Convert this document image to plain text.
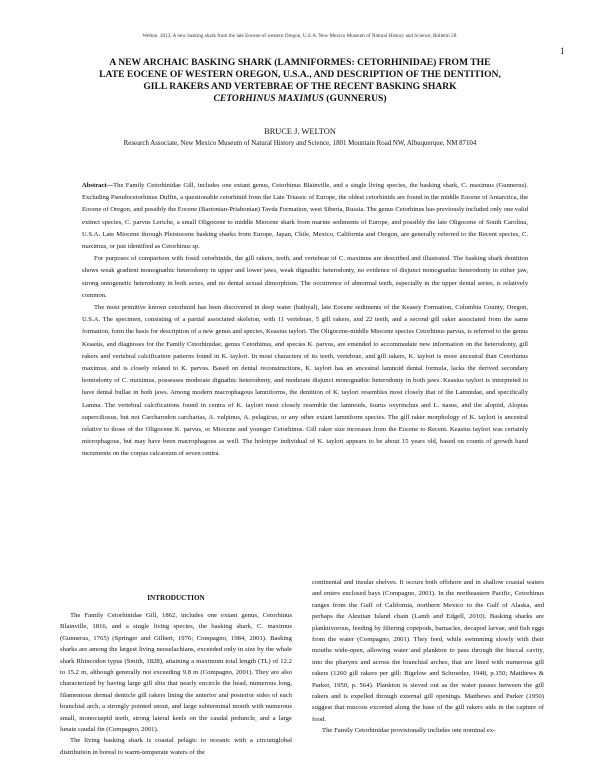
Welton, 2013, A new basking shark from the late Eocene of western Oregon, U.S.A. New Mexico Museum of Natural History and Science, Bulletin 58.
1
A NEW ARCHAIC BASKING SHARK (LAMNIFORMES: CETORHINIDAE) FROM THE
LATE EOCENE OF WESTERN OREGON, U.S.A., AND DESCRIPTION OF THE DENTITION,
GILL RAKERS AND VERTEBRAE OF THE RECENT BASKING SHARK
CETORHINUS MAXIMUS (GUNNERUS)
BRUCE J. WELTON
Research Associate, New Mexico Museum of Natural History and Science, 1801 Mountain Road NW, Albuquerque, NM 87104

Abstract—The Family Cetorhinidae Gill, includes one extant genus, Cetorhinus Blainville, and a single living species, the basking shark, C. maximus (Gunnerus). Excluding Pseudocetorhinus Duffin, a questionable cetorhinid from the Late Triassic of Europe, the oldest cetorhinids are found in the middle Eocene of Antarctica, the Eocene of Oregon, and possibly the Eocene (Bartonian-Priabonian) Tavda Formation, west Siberia, Russia. The genus Cetorhinus has previously included only one valid extinct species, C. parvus Leriche, a small Oligocene to middle Miocene shark from marine sediments of Europe, and possibly the late Oligocene of South Carolina, U.S.A. Late Miocene through Pleistocene basking sharks from Europe, Japan, Chile, Mexico, California and Oregon, are generally referred to the Recent species, C. maximus, or just identified as Cetorhinus sp.

For purposes of comparison with fossil cetorhinids, the gill rakers, teeth, and vertebrae of C. maximus are described and illustrated. The basking shark dentition shows weak gradient monognathic heterodonty in upper and lower jaws, weak dignathic heterodonty, no evidence of disjunct monognathic heterodonty in either jaw, strong ontogenetic heterodonty in both sexes, and no dental sexual dimorphism. The occurrence of abnormal teeth, especially in the upper dental series, is relatively common.

The most primitive known cetorhinid has been discovered in deep water (bathyal), late Eocene sediments of the Keasey Formation, Columbia County, Oregon, U.S.A. The specimen, consisting of a partial associated skeleton, with 11 vertebrae, 5 gill rakers, and 22 teeth, and a second gill raker associated from the same formation, form the basis for description of a new genus and species, Keasius taylori. The Oligocene-middle Miocene species Cetorhinus parvus, is referred to the genus Keasius, and diagnoses for the Family Cetorhinidae, genus Cetorhinus, and species K. parvus, are emended to accommodate new information on the heterodonty, gill rakers and vertebral calcification patterns found in K. taylori. In most characters of its teeth, vertebrae, and gill rakers, K. taylori is more ancestral than Cetorhinus maximus, and is closely related to K. parvus. Based on dental reconstructions, K. taylori has an ancestral lamnoid dental formula, lacks the derived secondary homodonty of C. maximus, possesses moderate dignathic heterodonty, and moderate disjunct monognathic heterodonty in both jaws. Keasius taylori is interpreted to have dental bullae in both jaws. Among modern macrophagous lamniforms, the dentition of K. taylori resembles most closely that of the Lamnidae, and specifically Lamna. The vertebral calcifications found in centra of K. taylori most closely resemble the lamnoids, Isurus oxyrinchus and L. nasus, and the alopiid, Alopias superciliosus, but not Carcharodon carcharias, A. vulpinus, A. pelagicus, or any other extant lamniform species. The gill raker morphology of K. taylori is ancestral relative to those of the Oligocene K. parvus, or Miocene and younger Cetorhinus. Gill raker size increases from the Eocene to Recent. Keasius taylori was certainly microphagous, but may have been macrophagous as well. The holotype individual of K. taylori appears to be about 15 years old, based on counts of growth band increments on the corpus calcareum of seven centra.

INTRODUCTION

The Family Cetorhinidae Gill, 1862, includes one extant genus, Cetorhinus Blainville, 1816, and a single living species, the basking shark, C. maximus (Gunnerus, 1765) (Springer and Gilbert, 1976; Compagno, 1984, 2001). Basking sharks are among the largest living neoselachians, exceeded only in size by the whale shark Rhincodon typus (Smith, 1828), attaining a maximum total length (TL) of 12.2 to 15.2 m, although generally not exceeding 9.8 m (Compagno, 2001). They are also characterized by having large gill slits that nearly encircle the head, numerous long, filamentous dermal denticle gill rakers lining the anterior and posterior sides of each branchial arch, a strongly pointed snout, and large subterminal mouth with numerous small, monocuspid teeth, strong lateral keels on the caudal peduncle, and a large lunate caudal fin (Compagno, 2001).

The living basking shark is coastal pelagic to oceanic with a circumglobal distribution in boreal to warm-temperate waters of the

continental and insular shelves. It occurs both offshore and in shallow coastal waters and enters enclosed bays (Compagno, 2001). In the northeastern Pacific, Cetorhinus ranges from the Gulf of California, northern Mexico to the Gulf of Alaska, and perhaps the Aleutian Island chain (Lamb and Edgell, 2010). Basking sharks are planktivorous, feeding by filtering copepods, barnacles, decapod larvae, and fish eggs from the water (Compagno, 2001). They feed, while swimming slowly with their mouths wide-open, allowing water and plankton to pass through the buccal cavity, into the pharynx and across the branchial arches, that are lined with numerous gill rakers (1260 gill rakers per gill: Bigelow and Schroeder, 1948, p.150; Matthews & Parker, 1950, p. 564). Plankton is sieved out as the water passes between the gill rakers and is expelled through external gill openings. Matthews and Parker (1950) suggest that mucous excreted along the base of the gill rakers aids in the capture of food.

The Family Cetorhinidae provisionally includes one nominal ex-
